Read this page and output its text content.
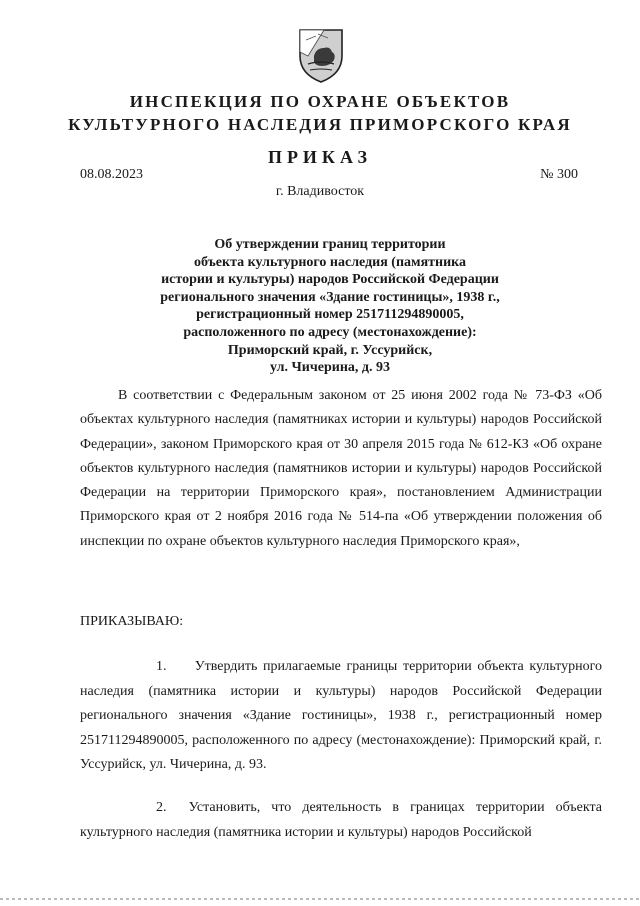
ИНСПЕКЦИЯ ПО ОХРАНЕ ОБЪЕКТОВ
КУЛЬТУРНОГО НАСЛЕДИЯ ПРИМОРСКОГО КРАЯ
ПРИКАЗ
08.08.2023	№ 300
г. Владивосток
Об утверждении границ территории
объекта культурного наследия (памятника
истории и культуры) народов Российской Федерации
регионального значения «Здание гостиницы», 1938 г.,
регистрационный номер 251711294890005,
расположенного по адресу (местонахождение):
Приморский край, г. Уссурийск,
ул. Чичерина, д. 93
В соответствии с Федеральным законом от 25 июня 2002 года № 73-ФЗ «Об объектах культурного наследия (памятниках истории и культуры) народов Российской Федерации», законом Приморского края от 30 апреля 2015 года № 612-КЗ «Об охране объектов культурного наследия (памятников истории и культуры) народов Российской Федерации на территории Приморского края», постановлением Администрации Приморского края от 2 ноября 2016 года № 514-па «Об утверждении положения об инспекции по охране объектов культурного наследия Приморского края»,
ПРИКАЗЫВАЮ:
1. Утвердить прилагаемые границы территории объекта культурного наследия (памятника истории и культуры) народов Российской Федерации регионального значения «Здание гостиницы», 1938 г., регистрационный номер 251711294890005, расположенного по адресу (местонахождение): Приморский край, г. Уссурийск, ул. Чичерина, д. 93.
2. Установить, что деятельность в границах территории объекта культурного наследия (памятника истории и культуры) народов Российской
